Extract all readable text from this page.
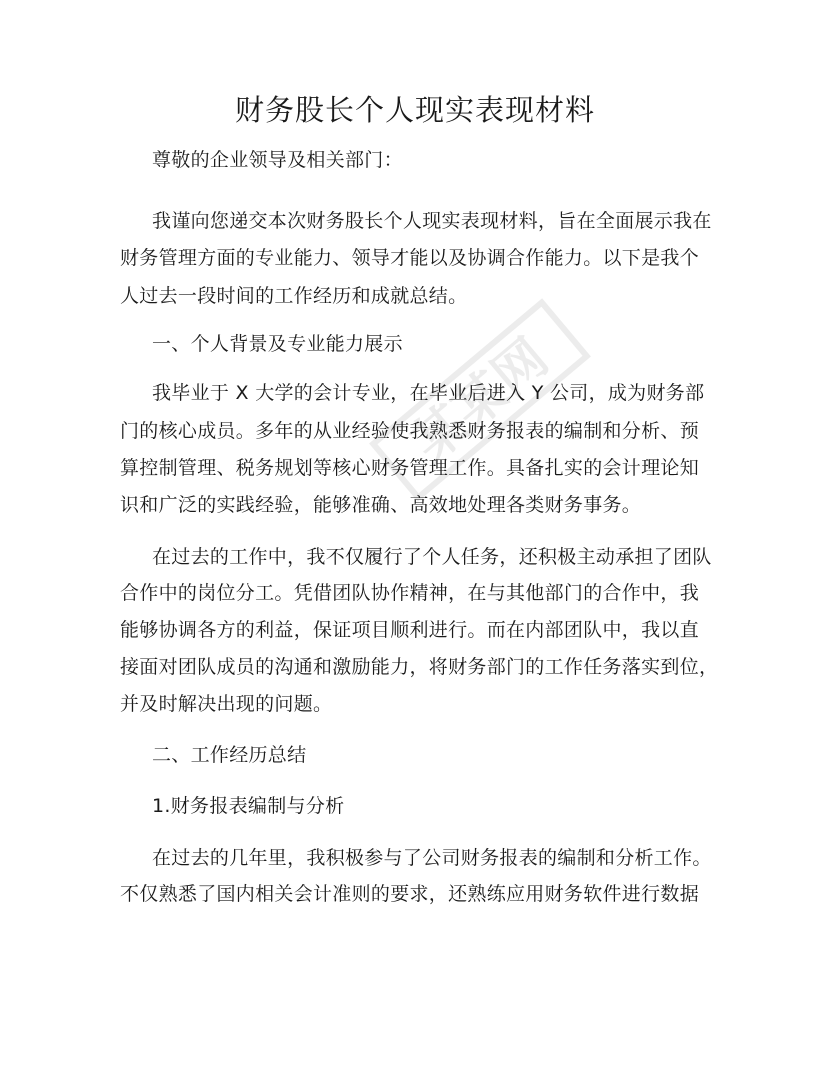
某某网
财务股长个人现实表现材料

尊敬的企业领导及相关部门：

我谨向您递交本次财务股长个人现实表现材料，旨在全面展示我在

财务管理方面的专业能力、领导才能以及协调合作能力。以下是我个

人过去一段时间的工作经历和成就总结。

一、个人背景及专业能力展示

我毕业于 X 大学的会计专业，在毕业后进入 Y 公司，成为财务部

门的核心成员。多年的从业经验使我熟悉财务报表的编制和分析、预

算控制管理、税务规划等核心财务管理工作。具备扎实的会计理论知

识和广泛的实践经验，能够准确、高效地处理各类财务事务。

在过去的工作中，我不仅履行了个人任务，还积极主动承担了团队

合作中的岗位分工。凭借团队协作精神，在与其他部门的合作中，我

能够协调各方的利益，保证项目顺利进行。而在内部团队中，我以直

接面对团队成员的沟通和激励能力，将财务部门的工作任务落实到位，

并及时解决出现的问题。

二、工作经历总结

1.财务报表编制与分析

在过去的几年里，我积极参与了公司财务报表的编制和分析工作。

不仅熟悉了国内相关会计准则的要求，还熟练应用财务软件进行数据
